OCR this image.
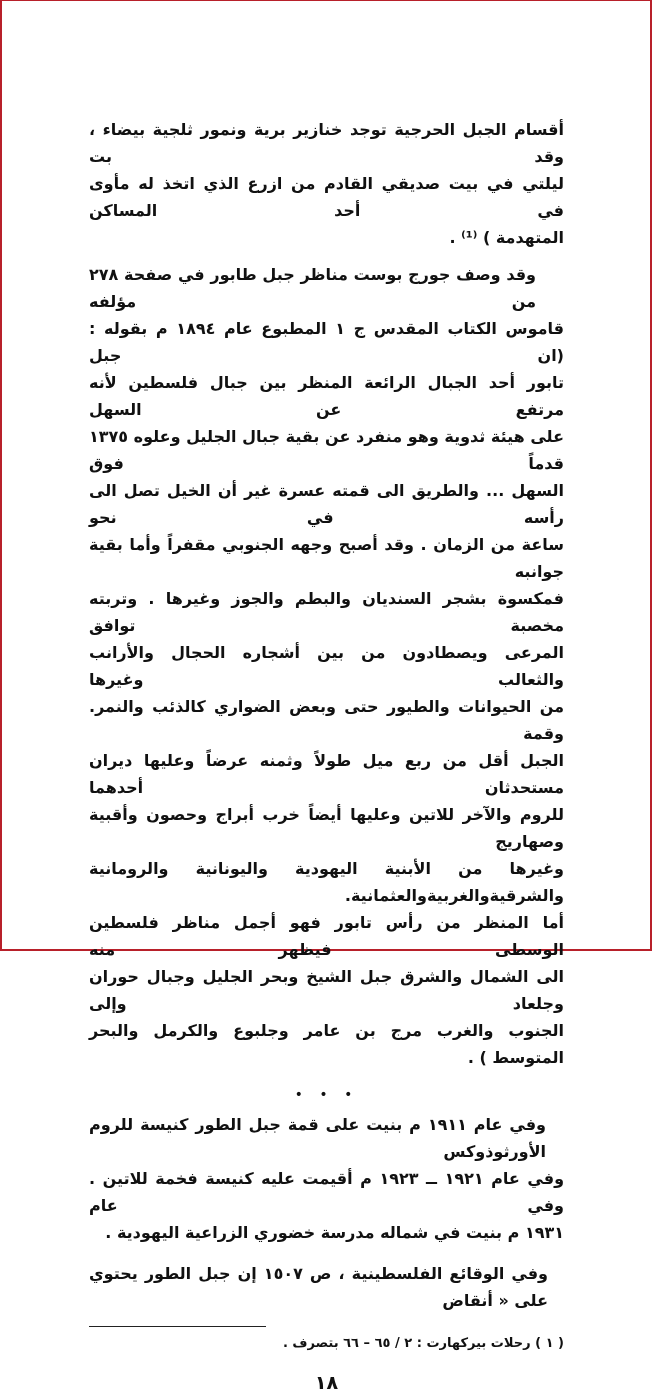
أقسام الجبل الحرجية توجد خنازير برية ونمور ثلجية بيضاء ، وقد بت
ليلتي في بيت صديقي القادم من ازرع الذي اتخذ له مأوى في أحد المساكن
المتهدمة ) ⁽¹⁾ .
وقد وصف جورج بوست مناظر جبل طابور في صفحة ٢٧٨ من مؤلفه
قاموس الكتاب المقدس ج ١ المطبوع عام ١٨٩٤ م بقوله : (ان جبل
تابور أحد الجبال الرائعة المنظر بين جبال فلسطين لأنه مرتفع عن السهل
على هيئة ثدوية وهو منفرد عن بقية جبال الجليل وعلوه ١٣٧٥ قدماً فوق
السهل ... والطريق الى قمته عسرة غير أن الخيل تصل الى رأسه في نحو
ساعة من الزمان . وقد أصبح وجهه الجنوبي مقفراً وأما بقية جوانبه
فمكسوة بشجر السنديان والبطم والجوز وغيرها . وتربته مخصبة توافق
المرعى ويصطادون من بين أشجاره الحجال والأرانب والثعالب وغيرها
من الحيوانات والطيور حتى وبعض الضواري كالذئب والنمر. وقمة
الجبل أقل من ربع ميل طولاً وثمنه عرضاً وعليها ديران مستحدثان أحدهما
للروم والآخر للاتين وعليها أيضاً خرب أبراج وحصون وأقبية وصهاريج
وغيرها من الأبنية اليهودية واليونانية والرومانية والشرقيةوالغربيةوالعثمانية.
أما المنظر من رأس تابور فهو أجمل مناظر فلسطين الوسطى فيظهر منه
الى الشمال والشرق جبل الشيخ وبحر الجليل وجبال حوران وجلعاد وإلى
الجنوب والغرب مرج بن عامر وجلبوع والكرمل والبحر المتوسط ) .
• • •
وفي عام ١٩١١ م بنيت على قمة جبل الطور كنيسة للروم الأورثوذوكس
وفي عام ١٩٢١ ــ ١٩٢٣ م أقيمت عليه كنيسة فخمة للاتين . وفي عام
١٩٣١ م بنيت في شماله مدرسة خضوري الزراعية اليهودية .
وفي الوقائع الفلسطينية ، ص ١٥٠٧ إن جبل الطور يحتوي على « أنقاض
( ١ ) رحلات بيركهارت : ٢ / ٦٥ – ٦٦ بتصرف .
١٨
